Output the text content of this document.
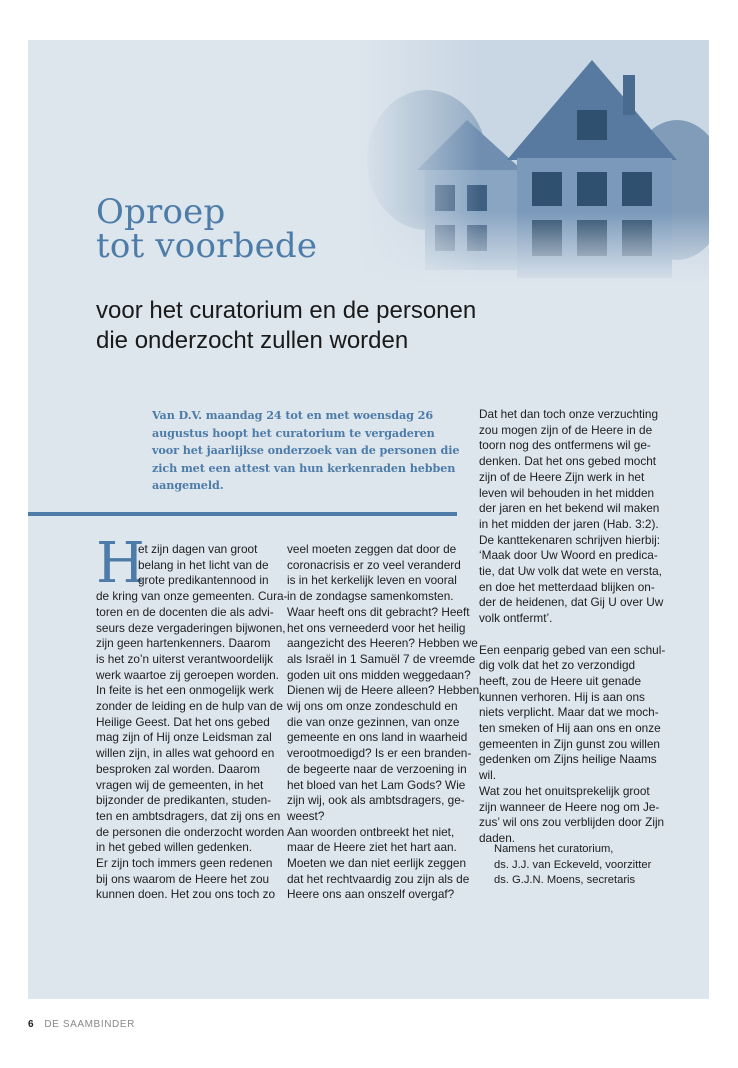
Oproep
tot voorbede
voor het curatorium en de personen
die onderzocht zullen worden

Van D.V. maandag 24 tot en met woensdag 26 augustus hoopt het curatorium te vergaderen voor het jaarlijkse onderzoek van de personen die zich met een attest van hun kerkenraden hebben aangemeld.

H

et zijn dagen van groot

belang in het licht van de

grote predikantennood in

de kring van onze gemeenten. Cura-

toren en de docenten die als advi-

seurs deze vergaderingen bijwonen,

zijn geen hartenkenners. Daarom

is het zo’n uiterst verantwoordelijk

werk waartoe zij geroepen worden.

In feite is het een onmogelijk werk

zonder de leiding en de hulp van de

Heilige Geest. Dat het ons gebed

mag zijn of Hij onze Leidsman zal

willen zijn, in alles wat gehoord en

besproken zal worden. Daarom

vragen wij de gemeenten, in het

bijzonder de predikanten, studen-

ten en ambtsdragers, dat zij ons en

de personen die onderzocht worden

in het gebed willen gedenken.

Er zijn toch immers geen redenen

bij ons waarom de Heere het zou

kunnen doen. Het zou ons toch zo

veel moeten zeggen dat door de

coronacrisis er zo veel veranderd

is in het kerkelijk leven en vooral

in de zondagse samenkomsten.

Waar heeft ons dit gebracht? Heeft

het ons verneederd voor het heilig

aangezicht des Heeren? Hebben we

als Israël in 1 Samuël 7 de vreemde

goden uit ons midden weggedaan?

Dienen wij de Heere alleen? Hebben

wij ons om onze zondeschuld en

die van onze gezinnen, van onze

gemeente en ons land in waarheid

verootmoedigd? Is er een branden-

de begeerte naar de verzoening in

het bloed van het Lam Gods? Wie

zijn wij, ook als ambtsdragers, ge-

weest?

Aan woorden ontbreekt het niet,

maar de Heere ziet het hart aan.

Moeten we dan niet eerlijk zeggen

dat het rechtvaardig zou zijn als de

Heere ons aan onszelf overgaf?

Dat het dan toch onze verzuchting

zou mogen zijn of de Heere in de

toorn nog des ontfermens wil ge-

denken. Dat het ons gebed mocht

zijn of de Heere Zijn werk in het

leven wil behouden in het midden

der jaren en het bekend wil maken

in het midden der jaren (Hab. 3:2).

De kanttekenaren schrijven hierbij:

‘Maak door Uw Woord en predica-

tie, dat Uw volk dat wete en versta,

en doe het metterdaad blijken on-

der de heidenen, dat Gij U over Uw

volk ontfermt’.

Een eenparig gebed van een schul-

dig volk dat het zo verzondigd

heeft, zou de Heere uit genade

kunnen verhoren. Hij is aan ons

niets verplicht. Maar dat we moch-

ten smeken of Hij aan ons en onze

gemeenten in Zijn gunst zou willen

gedenken om Zijns heilige Naams

wil.

Wat zou het onuitsprekelijk groot

zijn wanneer de Heere nog om Je-

zus’ wil ons zou verblijden door Zijn

daden.

Namens het curatorium,

ds. J.J. van Eckeveld, voorzitter

ds. G.J.N. Moens, secretaris

6 DE SAAMBINDER
